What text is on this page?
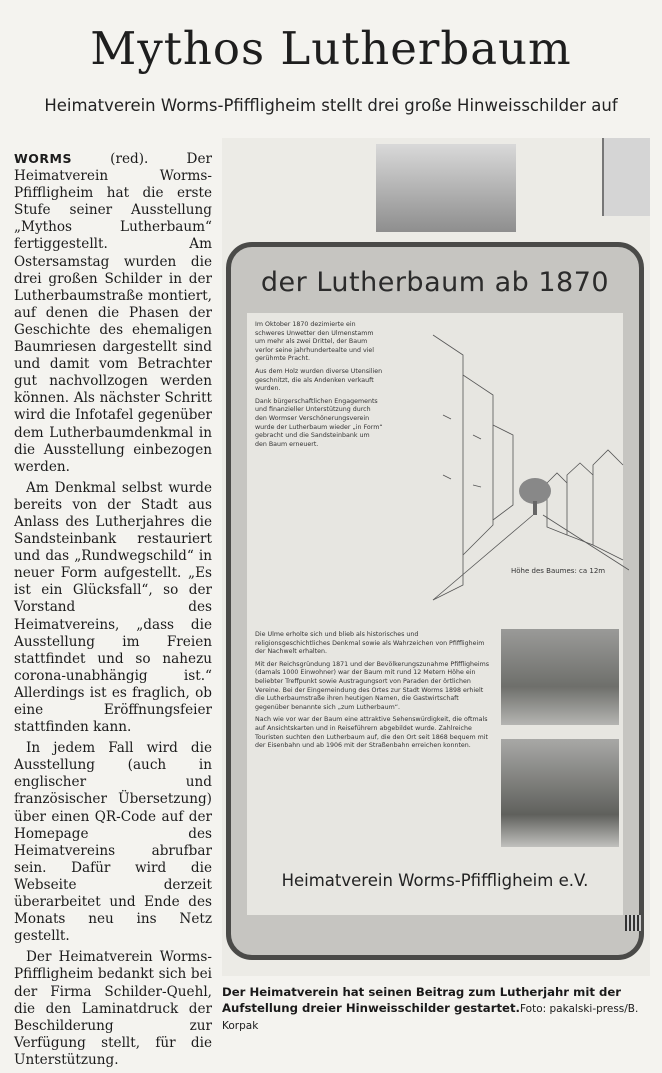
Mythos Lutherbaum
Heimatverein Worms-Pfiffligheim stellt drei große Hinweisschilder auf

WORMS (red). Der Heimatverein Worms-Pfiffligheim hat die erste Stufe seiner Ausstellung „Mythos Lutherbaum“ fertiggestellt. Am Ostersamstag wurden die drei großen Schilder in der Lutherbaumstraße montiert, auf denen die Phasen der Geschichte des ehemaligen Baumriesen dargestellt sind und damit vom Betrachter gut nachvollzogen werden können. Als nächster Schritt wird die Infotafel gegenüber dem Lutherbaumdenkmal in die Ausstellung einbezogen werden.

Am Denkmal selbst wurde bereits von der Stadt aus Anlass des Lutherjahres die Sandsteinbank restauriert und das „Rundwegschild“ in neuer Form aufgestellt. „Es ist ein Glücksfall“, so der Vorstand des Heimatvereins, „dass die Ausstellung im Freien stattfindet und so nahezu corona-unabhängig ist.“ Allerdings ist es fraglich, ob eine Eröffnungsfeier stattfinden kann.

In jedem Fall wird die Ausstellung (auch in englischer und französischer Übersetzung) über einen QR-Code auf der Homepage des Heimatvereins abrufbar sein. Dafür wird die Webseite derzeit überarbeitet und Ende des Monats neu ins Netz gestellt.

Der Heimatverein Worms-Pfiffligheim bedankt sich bei der Firma Schilder-Quehl, die den Laminatdruck der Beschilderung zur Verfügung stellt, für die Unterstützung.

der Lutherbaum ab 1870

Im Oktober 1870 dezimierte ein schweres Unwetter den Ulmenstamm um mehr als zwei Drittel, der Baum verlor seine jahrhundertealte und viel gerühmte Pracht.

Aus dem Holz wurden diverse Utensilien geschnitzt, die als Andenken verkauft wurden.

Dank bürgerschaftlichen Engagements und finanzieller Unterstützung durch den Wormser Verschönerungsverein wurde der Lutherbaum wieder „in Form“ gebracht und die Sandsteinbank um den Baum erneuert.

Höhe des Baumes: ca 12m

Die Ulme erholte sich und blieb als historisches und religionsgeschichtliches Denkmal sowie als Wahrzeichen von Pfiffligheim der Nachwelt erhalten.

Mit der Reichsgründung 1871 und der Bevölkerungszunahme Pfiffligheims (damals 1000 Einwohner) war der Baum mit rund 12 Metern Höhe ein beliebter Treffpunkt sowie Austragungsort von Paraden der örtlichen Vereine. Bei der Eingemeindung des Ortes zur Stadt Worms 1898 erhielt die Lutherbaumstraße ihren heutigen Namen, die Gastwirtschaft gegenüber benannte sich „zum Lutherbaum“.

Nach wie vor war der Baum eine attraktive Sehenswürdigkeit, die oftmals auf Ansichtskarten und in Reiseführern abgebildet wurde. Zahlreiche Touristen suchten den Lutherbaum auf, die den Ort seit 1868 bequem mit der Eisenbahn und ab 1906 mit der Straßenbahn erreichen konnten.

Heimatverein Worms-Pfiffligheim e.V.
Der Heimatverein hat seinen Beitrag zum Lutherjahr mit der Aufstellung dreier Hinweisschilder gestartet.Foto: pakalski-press/B. Korpak
